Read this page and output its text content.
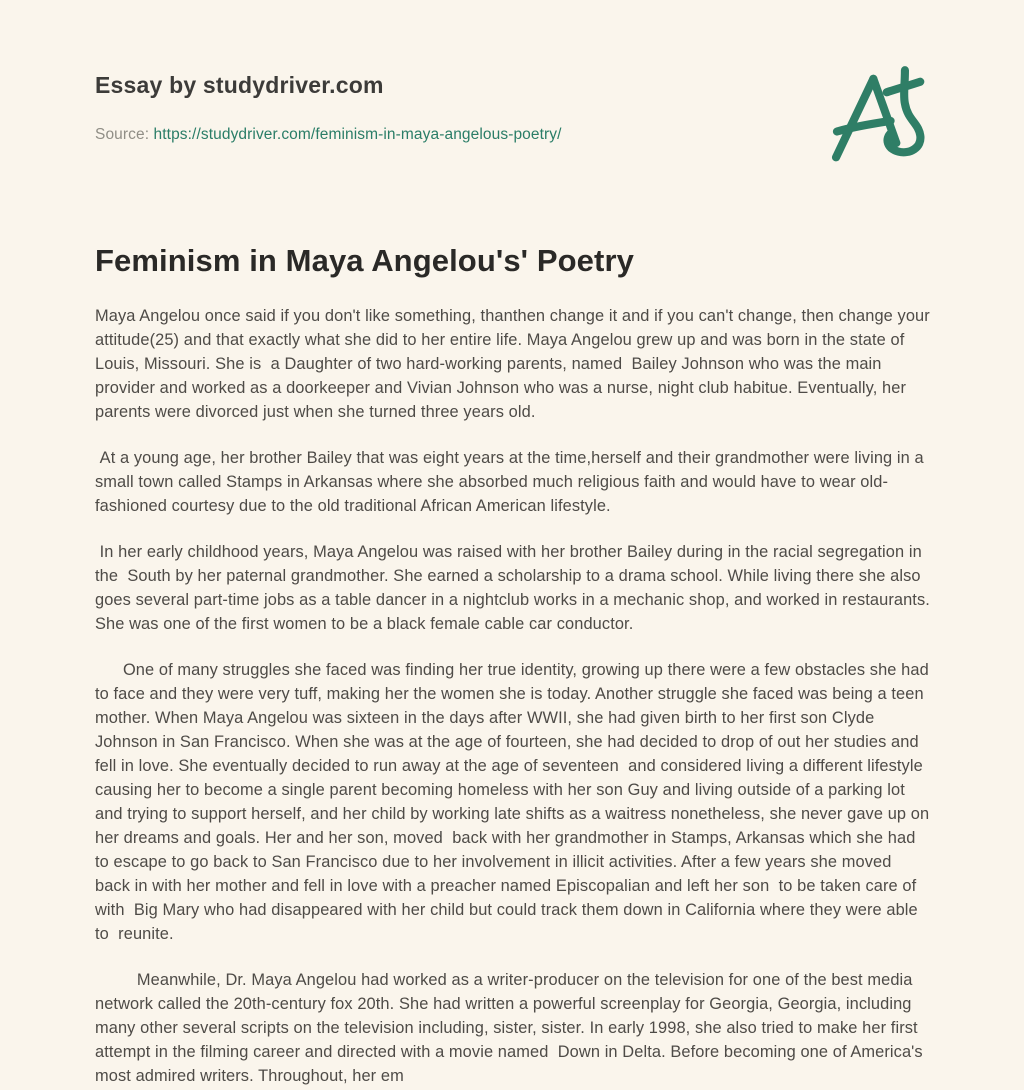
Essay by studydriver.com
Source: https://studydriver.com/feminism-in-maya-angelous-poetry/
Feminism in Maya Angelou's' Poetry

Maya Angelou once said if you don't like something, thanthen change it and if you can't change, then change your attitude(25) and that exactly what she did to her entire life. Maya Angelou grew up and was born in the state of Louis, Missouri. She is  a Daughter of two hard-working parents, named  Bailey Johnson who was the main provider and worked as a doorkeeper and Vivian Johnson who was a nurse, night club habitue. Eventually, her parents were divorced just when she turned three years old.

At a young age, her brother Bailey that was eight years at the time,herself and their grandmother were living in a small town called Stamps in Arkansas where she absorbed much religious faith and would have to wear old-fashioned courtesy due to the old traditional African American lifestyle.

In her early childhood years, Maya Angelou was raised with her brother Bailey during in the racial segregation in the  South by her paternal grandmother. She earned a scholarship to a drama school. While living there she also goes several part-time jobs as a table dancer in a nightclub works in a mechanic shop, and worked in restaurants. She was one of the first women to be a black female cable car conductor.

One of many struggles she faced was finding her true identity, growing up there were a few obstacles she had to face and they were very tuff, making her the women she is today. Another struggle she faced was being a teen mother. When Maya Angelou was sixteen in the days after WWII, she had given birth to her first son Clyde Johnson in San Francisco. When she was at the age of fourteen, she had decided to drop of out her studies and fell in love. She eventually decided to run away at the age of seventeen  and considered living a different lifestyle causing her to become a single parent becoming homeless with her son Guy and living outside of a parking lot and trying to support herself, and her child by working late shifts as a waitress nonetheless, she never gave up on her dreams and goals. Her and her son, moved  back with her grandmother in Stamps, Arkansas which she had to escape to go back to San Francisco due to her involvement in illicit activities. After a few years she moved back in with her mother and fell in love with a preacher named Episcopalian and left her son  to be taken care of with  Big Mary who had disappeared with her child but could track them down in California where they were able to  reunite.

Meanwhile, Dr. Maya Angelou had worked as a writer-producer on the television for one of the best media network called the 20th-century fox 20th. She had written a powerful screenplay for Georgia, Georgia, including many other several scripts on the television including, sister, sister. In early 1998, she also tried to make her first attempt in the filming career and directed with a movie named  Down in Delta. Before becoming one of America's most admired writers. Throughout, her em
